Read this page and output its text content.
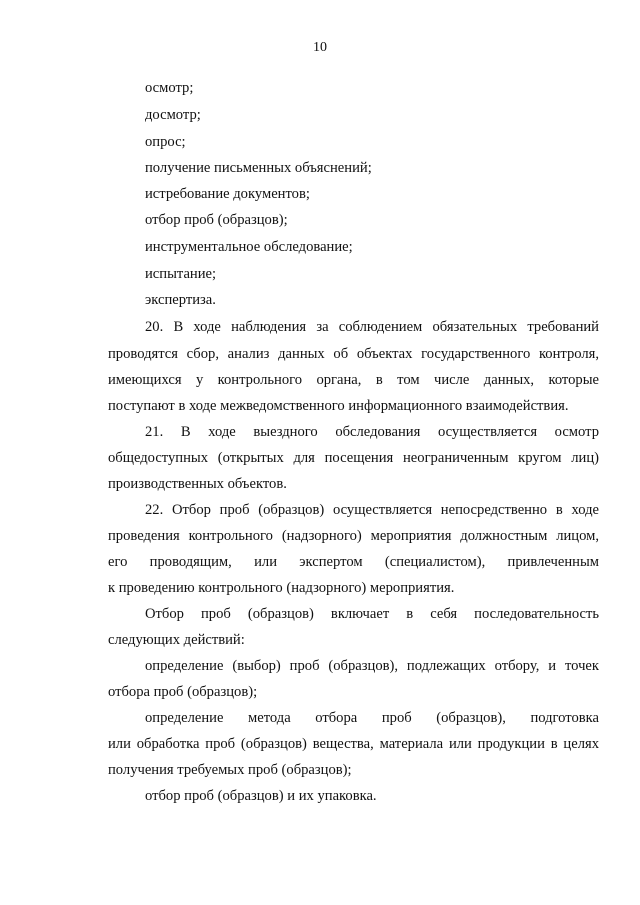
10
осмотр;
досмотр;
опрос;
получение письменных объяснений;
истребование документов;
отбор проб (образцов);
инструментальное обследование;
испытание;
экспертиза.
20. В ходе наблюдения за соблюдением обязательных требований
проводятся сбор, анализ данных об объектах государственного контроля,
имеющихся у контрольного органа, в том числе данных, которые
поступают в ходе межведомственного информационного взаимодействия.
21. В ходе выездного обследования осуществляется осмотр
общедоступных (открытых для посещения неограниченным кругом лиц)
производственных объектов.
22. Отбор проб (образцов) осуществляется непосредственно в ходе
проведения контрольного (надзорного) мероприятия должностным лицом,
его проводящим, или экспертом (специалистом), привлеченным
к проведению контрольного (надзорного) мероприятия.
Отбор проб (образцов) включает в себя последовательность
следующих действий:
определение (выбор) проб (образцов), подлежащих отбору, и точек
отбора проб (образцов);
определение метода отбора проб (образцов), подготовка
или обработка проб (образцов) вещества, материала или продукции в целях
получения требуемых проб (образцов);
отбор проб (образцов) и их упаковка.
